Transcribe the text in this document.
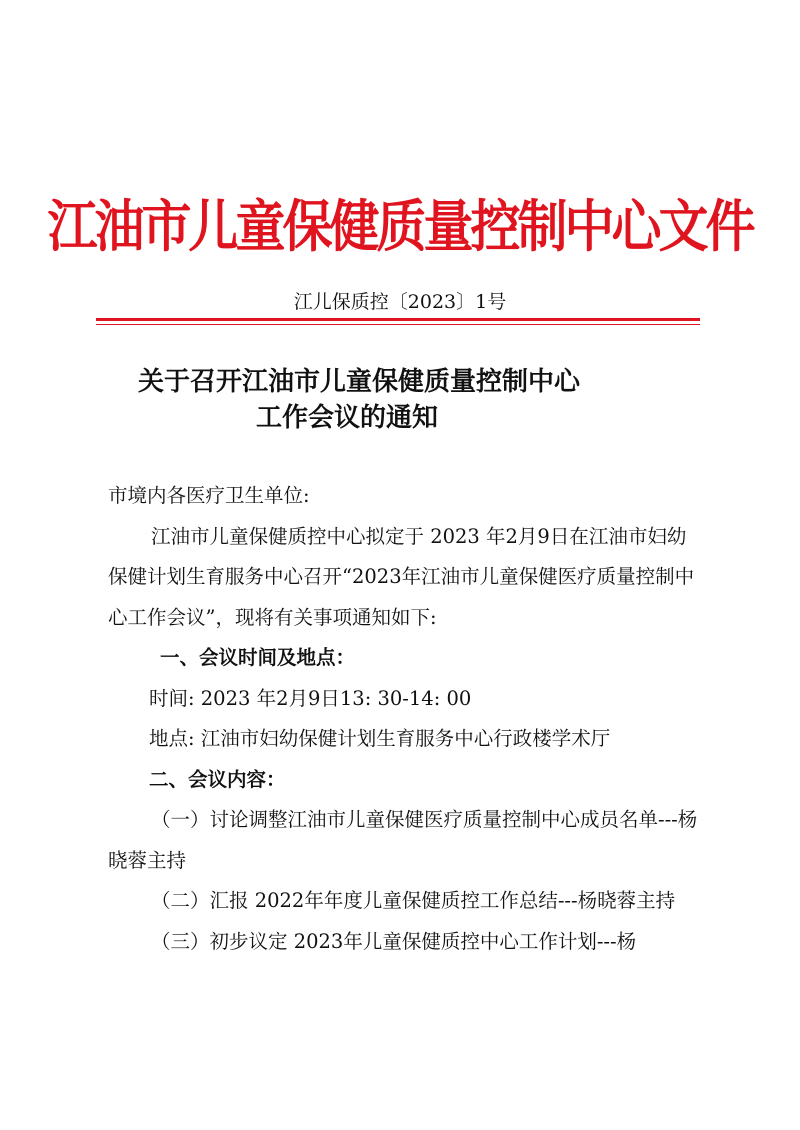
江油市儿童保健质量控制中心文件
江儿保质控〔2023〕1号
关于召开江油市儿童保健质量控制中心
工作会议的通知

市境内各医疗卫生单位:

江油市儿童保健质控中心拟定于 2023 年2月9日在江油市妇幼保健计划生育服务中心召开“2023年江油市儿童保健医疗质量控制中心工作会议”，现将有关事项通知如下:

一、会议时间及地点：

时间: 2023 年2月9日13: 30-14: 00

地点: 江油市妇幼保健计划生育服务中心行政楼学术厅

二、会议内容：

（一）讨论调整江油市儿童保健医疗质量控制中心成员名单---杨晓蓉主持

（二）汇报 2022年年度儿童保健质控工作总结---杨晓蓉主持

（三）初步议定 2023年儿童保健质控中心工作计划---杨
